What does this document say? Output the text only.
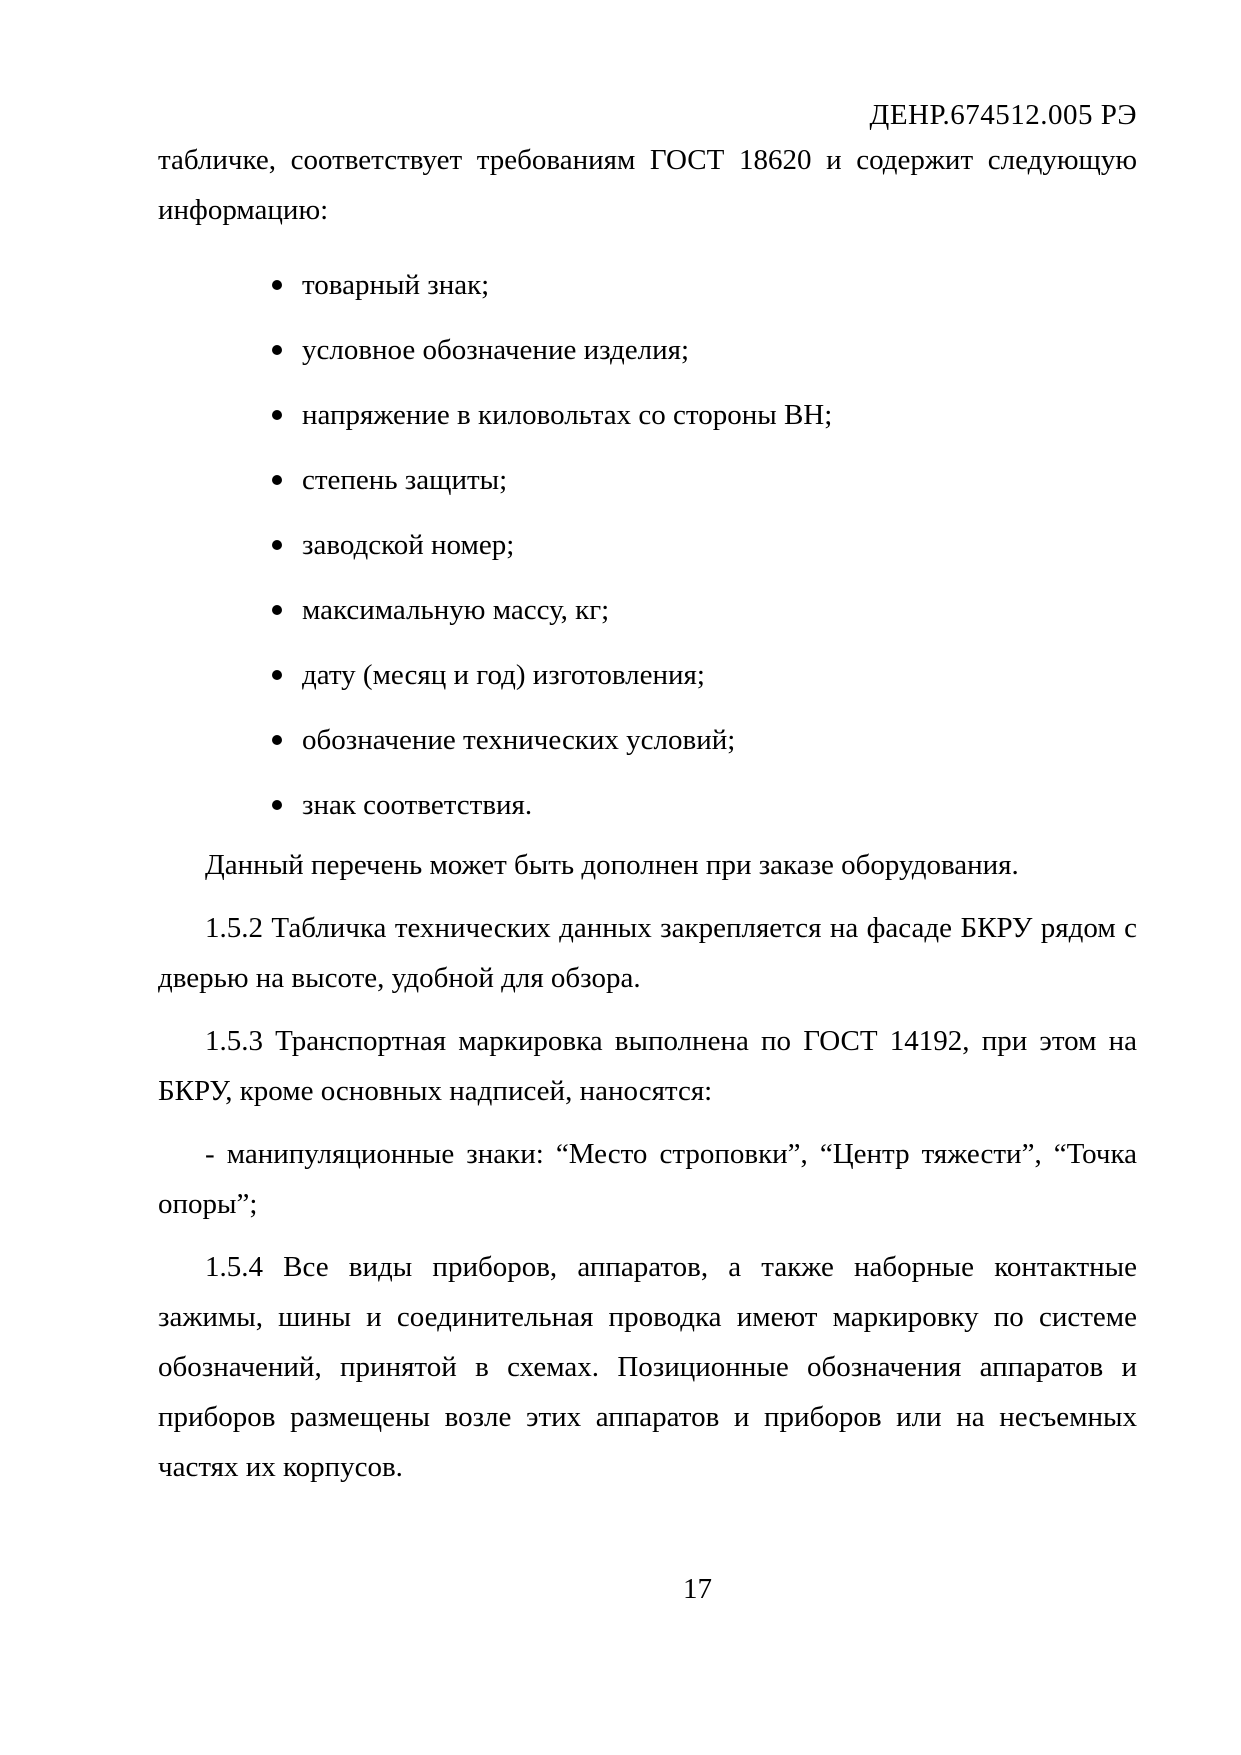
ДЕНР.674512.005 РЭ

табличке, соответствует требованиям ГОСТ 18620 и содержит следующую информацию:

товарный знак;
условное обозначение изделия;
напряжение в киловольтах со стороны ВН;
степень защиты;
заводской номер;
максимальную массу, кг;
дату (месяц и год) изготовления;
обозначение технических условий;
знак соответствия.

Данный перечень может быть дополнен при заказе оборудования.

1.5.2 Табличка технических данных закрепляется на фасаде БКРУ рядом с дверью на высоте, удобной для обзора.

1.5.3 Транспортная маркировка выполнена по ГОСТ 14192, при этом на БКРУ, кроме основных надписей, наносятся:

- манипуляционные знаки: “Место строповки”, “Центр тяжести”, “Точка опоры”;

1.5.4 Все виды приборов, аппаратов, а также наборные контактные зажимы, шины и соединительная проводка имеют маркировку по системе обозначений, принятой в схемах. Позиционные обозначения аппаратов и приборов размещены возле этих аппаратов и приборов или на несъемных частях их корпусов.

17
